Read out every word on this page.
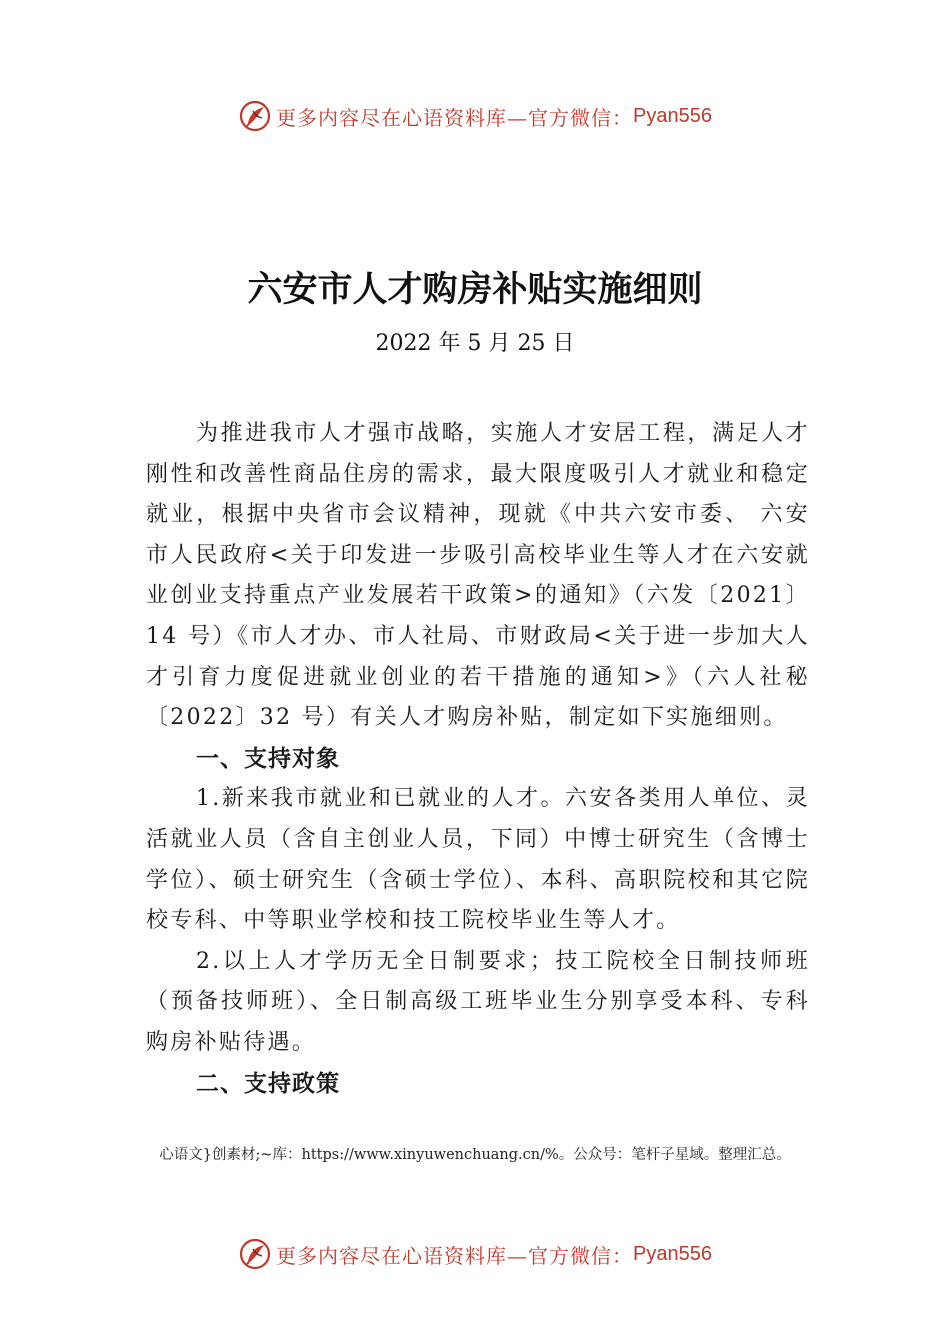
更多内容尽在心语资料库—官方微信： Pyan556
六安市人才购房补贴实施细则
2022 年 5 月 25 日

为推进我市人才强市战略，实施人才安居工程，满足人才刚性和改善性商品住房的需求，最大限度吸引人才就业和稳定就业，根据中央省市会议精神，现就《中共六安市委、 六安市人民政府<关于印发进一步吸引高校毕业生等人才在六安就业创业支持重点产业发展若干政策>的通知》（六发〔2021〕14 号）《市人才办、市人社局、市财政局<关于进一步加大人才引育力度促进就业创业的若干措施的通知>》（六人社秘〔2022〕32 号）有关人才购房补贴，制定如下实施细则。

一、支持对象

1.新来我市就业和已就业的人才。六安各类用人单位、灵活就业人员（含自主创业人员，下同）中博士研究生（含博士学位）、硕士研究生（含硕士学位）、本科、高职院校和其它院校专科、中等职业学校和技工院校毕业生等人才。

2.以上人才学历无全日制要求；技工院校全日制技师班（预备技师班）、全日制高级工班毕业生分别享受本科、专科购房补贴待遇。

二、支持政策
心语文}创素材;~库：https://www.xinyuwenchuang.cn/%。公众号：笔杆子星域。整理汇总。
更多内容尽在心语资料库—官方微信： Pyan556
